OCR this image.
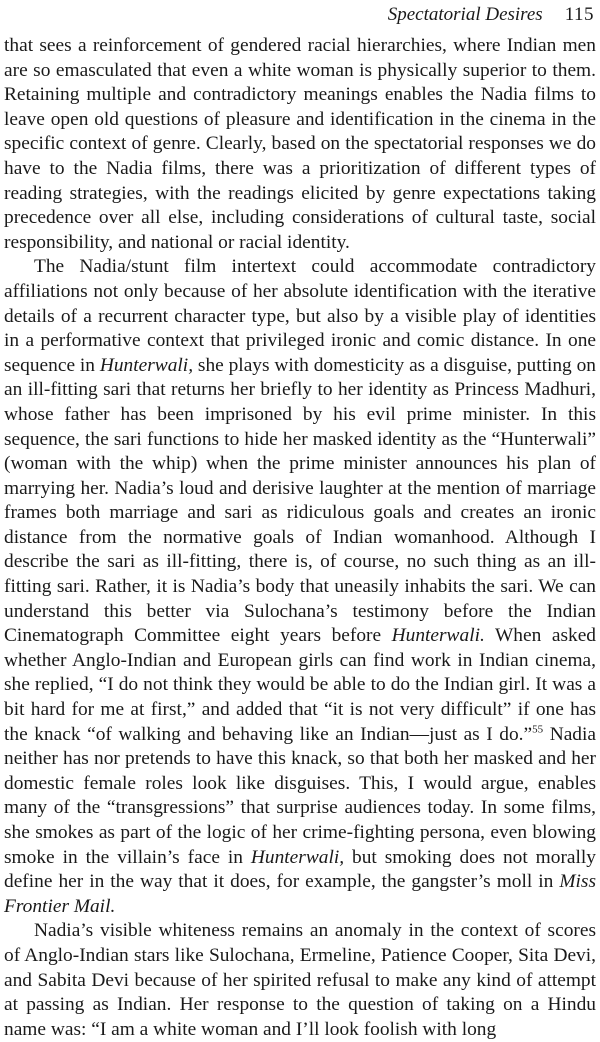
Spectatorial Desires 115

that sees a reinforcement of gendered racial hierarchies, where Indian men are so emasculated that even a white woman is physically superior to them. Retaining multiple and contradictory meanings enables the Nadia films to leave open old questions of pleasure and identification in the cinema in the specific context of genre. Clearly, based on the spectatorial responses we do have to the Nadia films, there was a prioritization of different types of reading strategies, with the readings elicited by genre expectations taking precedence over all else, including considerations of cultural taste, social responsibility, and national or racial identity.

The Nadia/stunt film intertext could accommodate contradictory affiliations not only because of her absolute identification with the iterative details of a recurrent character type, but also by a visible play of identities in a performative context that privileged ironic and comic distance. In one sequence in Hunterwali, she plays with domesticity as a disguise, putting on an ill-fitting sari that returns her briefly to her identity as Princess Madhuri, whose father has been imprisoned by his evil prime minister. In this sequence, the sari functions to hide her masked identity as the “Hunterwali” (woman with the whip) when the prime minister announces his plan of marrying her. Nadia’s loud and derisive laughter at the mention of marriage frames both marriage and sari as ridiculous goals and creates an ironic distance from the normative goals of Indian womanhood. Although I describe the sari as ill-fitting, there is, of course, no such thing as an ill-fitting sari. Rather, it is Nadia’s body that uneasily inhabits the sari. We can understand this better via Sulochana’s testimony before the Indian Cinematograph Committee eight years before Hunterwali. When asked whether Anglo-Indian and European girls can find work in Indian cinema, she replied, “I do not think they would be able to do the Indian girl. It was a bit hard for me at first,” and added that “it is not very difficult” if one has the knack “of walking and behaving like an Indian—just as I do.”$^{55}$ Nadia neither has nor pretends to have this knack, so that both her masked and her domestic female roles look like disguises. This, I would argue, enables many of the “transgressions” that surprise audiences today. In some films, she smokes as part of the logic of her crime-fighting persona, even blowing smoke in the villain’s face in Hunterwali, but smoking does not morally define her in the way that it does, for example, the gangster’s moll in Miss Frontier Mail.

Nadia’s visible whiteness remains an anomaly in the context of scores of Anglo-Indian stars like Sulochana, Ermeline, Patience Cooper, Sita Devi, and Sabita Devi because of her spirited refusal to make any kind of attempt at passing as Indian. Her response to the question of taking on a Hindu name was: “I am a white woman and I’ll look foolish with long
